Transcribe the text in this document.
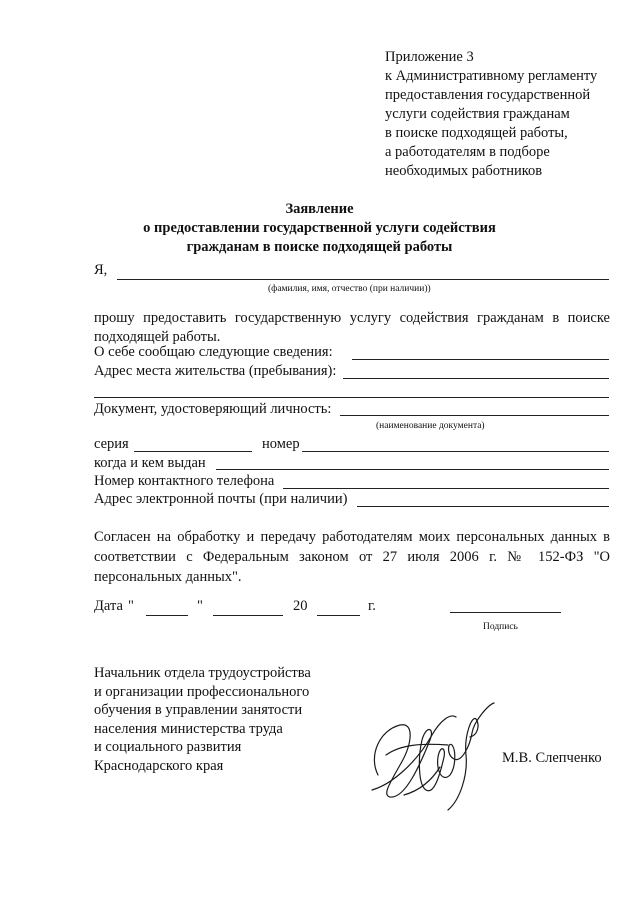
Приложение 3
к Административному регламенту
предоставления государственной
услуги содействия гражданам
в поиске подходящей работы,
а работодателям в подборе
необходимых работников
Заявление
о предоставлении государственной услуги содействия
гражданам в поиске подходящей работы
Я,
(фамилия, имя, отчество (при наличии))
прошу предоставить государственную услугу содействия гражданам в поиске подходящей работы.
О себе сообщаю следующие сведения:
Адрес места жительства (пребывания):
Документ, удостоверяющий личность:
(наименование документа)
серия	номер
когда и кем выдан
Номер контактного телефона
Адрес электронной почты (при наличии)
Согласен на обработку и передачу работодателям моих персональных данных в соответствии с Федеральным законом от 27 июля 2006 г. № 152-ФЗ "О персональных данных".
Дата "	"	20	г.
Подпись
Начальник отдела трудоустройства
и организации профессионального
обучения в управлении занятости
населения министерства труда
и социального развития
Краснодарского края	М.В. Слепченко
